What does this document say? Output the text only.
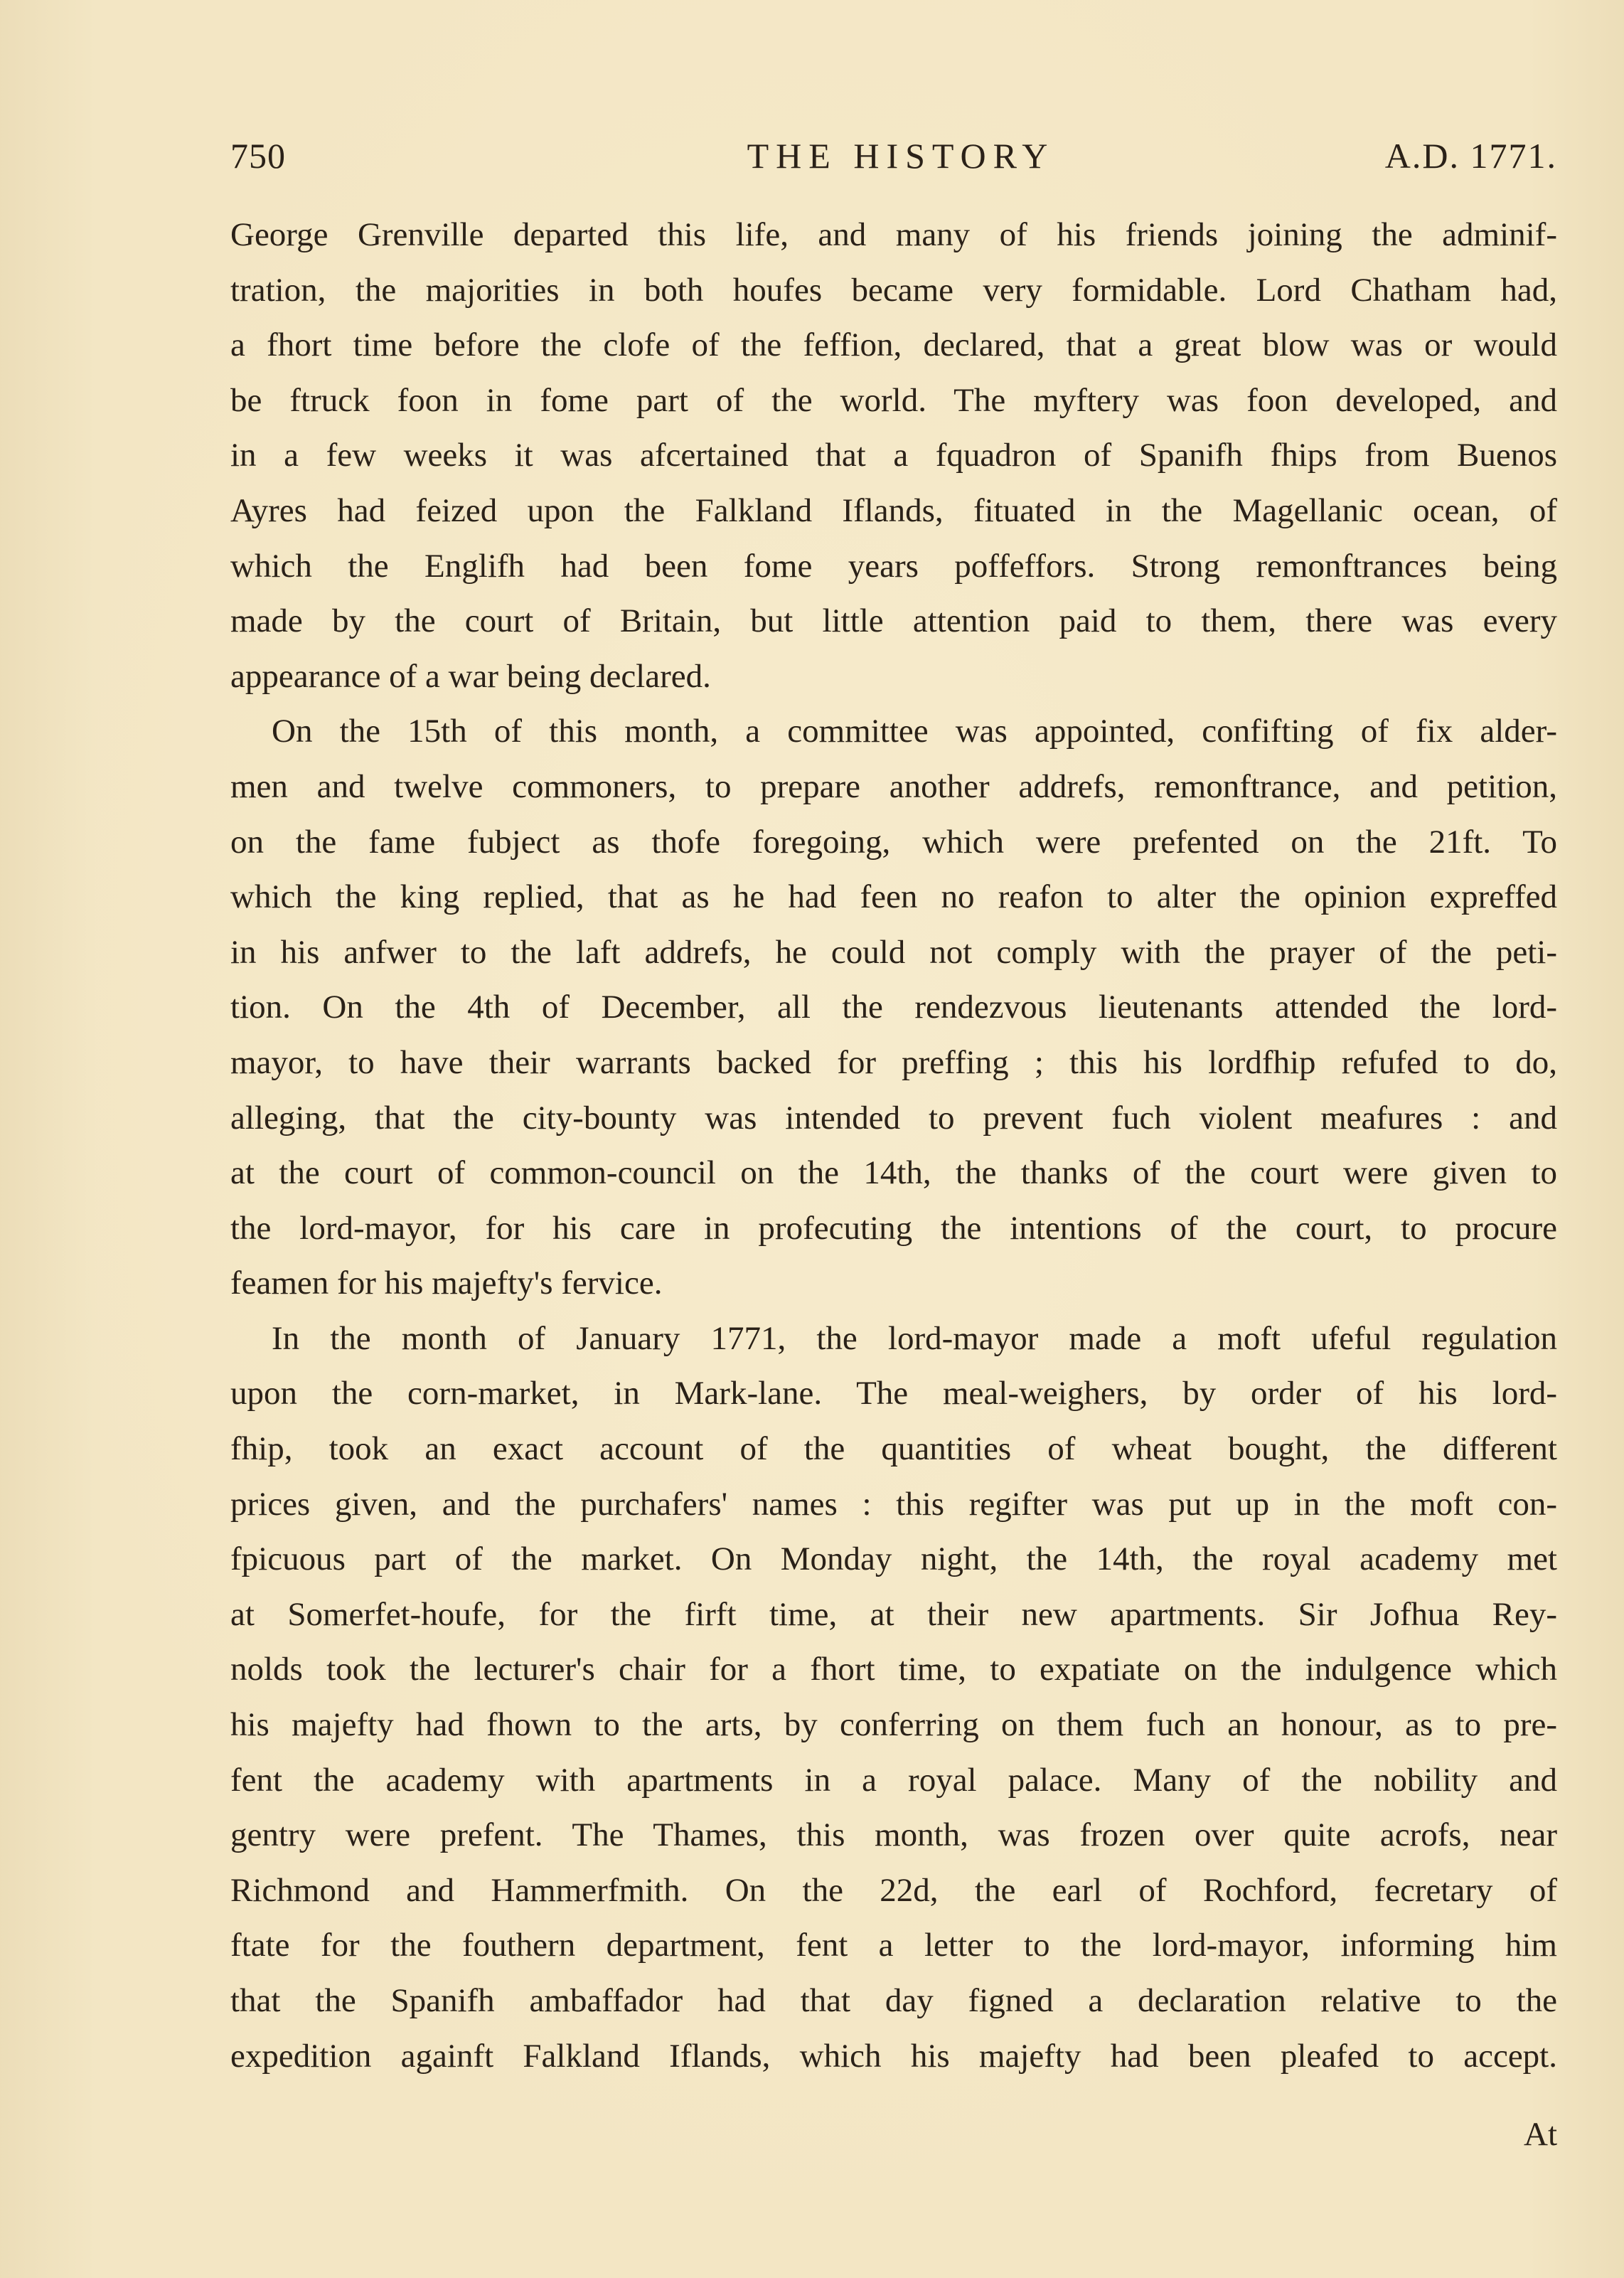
750	THE HISTORY	A.D. 1771.
George Grenville departed this life, and many of his friends joining the adminif-
tration, the majorities in both houfes became very formidable. Lord Chatham had,
a fhort time before the clofe of the feffion, declared, that a great blow was or would
be ftruck foon in fome part of the world. The myftery was foon developed, and
in a few weeks it was afcertained that a fquadron of Spanifh fhips from Buenos
Ayres had feized upon the Falkland Iflands, fituated in the Magellanic ocean, of
which the Englifh had been fome years poffeffors. Strong remonftrances being
made by the court of Britain, but little attention paid to them, there was every
appearance of a war being declared.
On the 15th of this month, a committee was appointed, confifting of fix alder-
men and twelve commoners, to prepare another addrefs, remonftrance, and petition,
on the fame fubject as thofe foregoing, which were prefented on the 21ft. To
which the king replied, that as he had feen no reafon to alter the opinion expreffed
in his anfwer to the laft addrefs, he could not comply with the prayer of the peti-
tion. On the 4th of December, all the rendezvous lieutenants attended the lord-
mayor, to have their warrants backed for preffing ; this his lordfhip refufed to do,
alleging, that the city-bounty was intended to prevent fuch violent meafures : and
at the court of common-council on the 14th, the thanks of the court were given to
the lord-mayor, for his care in profecuting the intentions of the court, to procure
feamen for his majefty's fervice.
In the month of January 1771, the lord-mayor made a moft ufeful regulation
upon the corn-market, in Mark-lane. The meal-weighers, by order of his lord-
fhip, took an exact account of the quantities of wheat bought, the different
prices given, and the purchafers' names : this regifter was put up in the moft con-
fpicuous part of the market. On Monday night, the 14th, the royal academy met
at Somerfet-houfe, for the firft time, at their new apartments. Sir Jofhua Rey-
nolds took the lecturer's chair for a fhort time, to expatiate on the indulgence which
his majefty had fhown to the arts, by conferring on them fuch an honour, as to pre-
fent the academy with apartments in a royal palace. Many of the nobility and
gentry were prefent. The Thames, this month, was frozen over quite acrofs, near
Richmond and Hammerfmith. On the 22d, the earl of Rochford, fecretary of
ftate for the fouthern department, fent a letter to the lord-mayor, informing him
that the Spanifh ambaffador had that day figned a declaration relative to the
expedition againft Falkland Iflands, which his majefty had been pleafed to accept.
At
